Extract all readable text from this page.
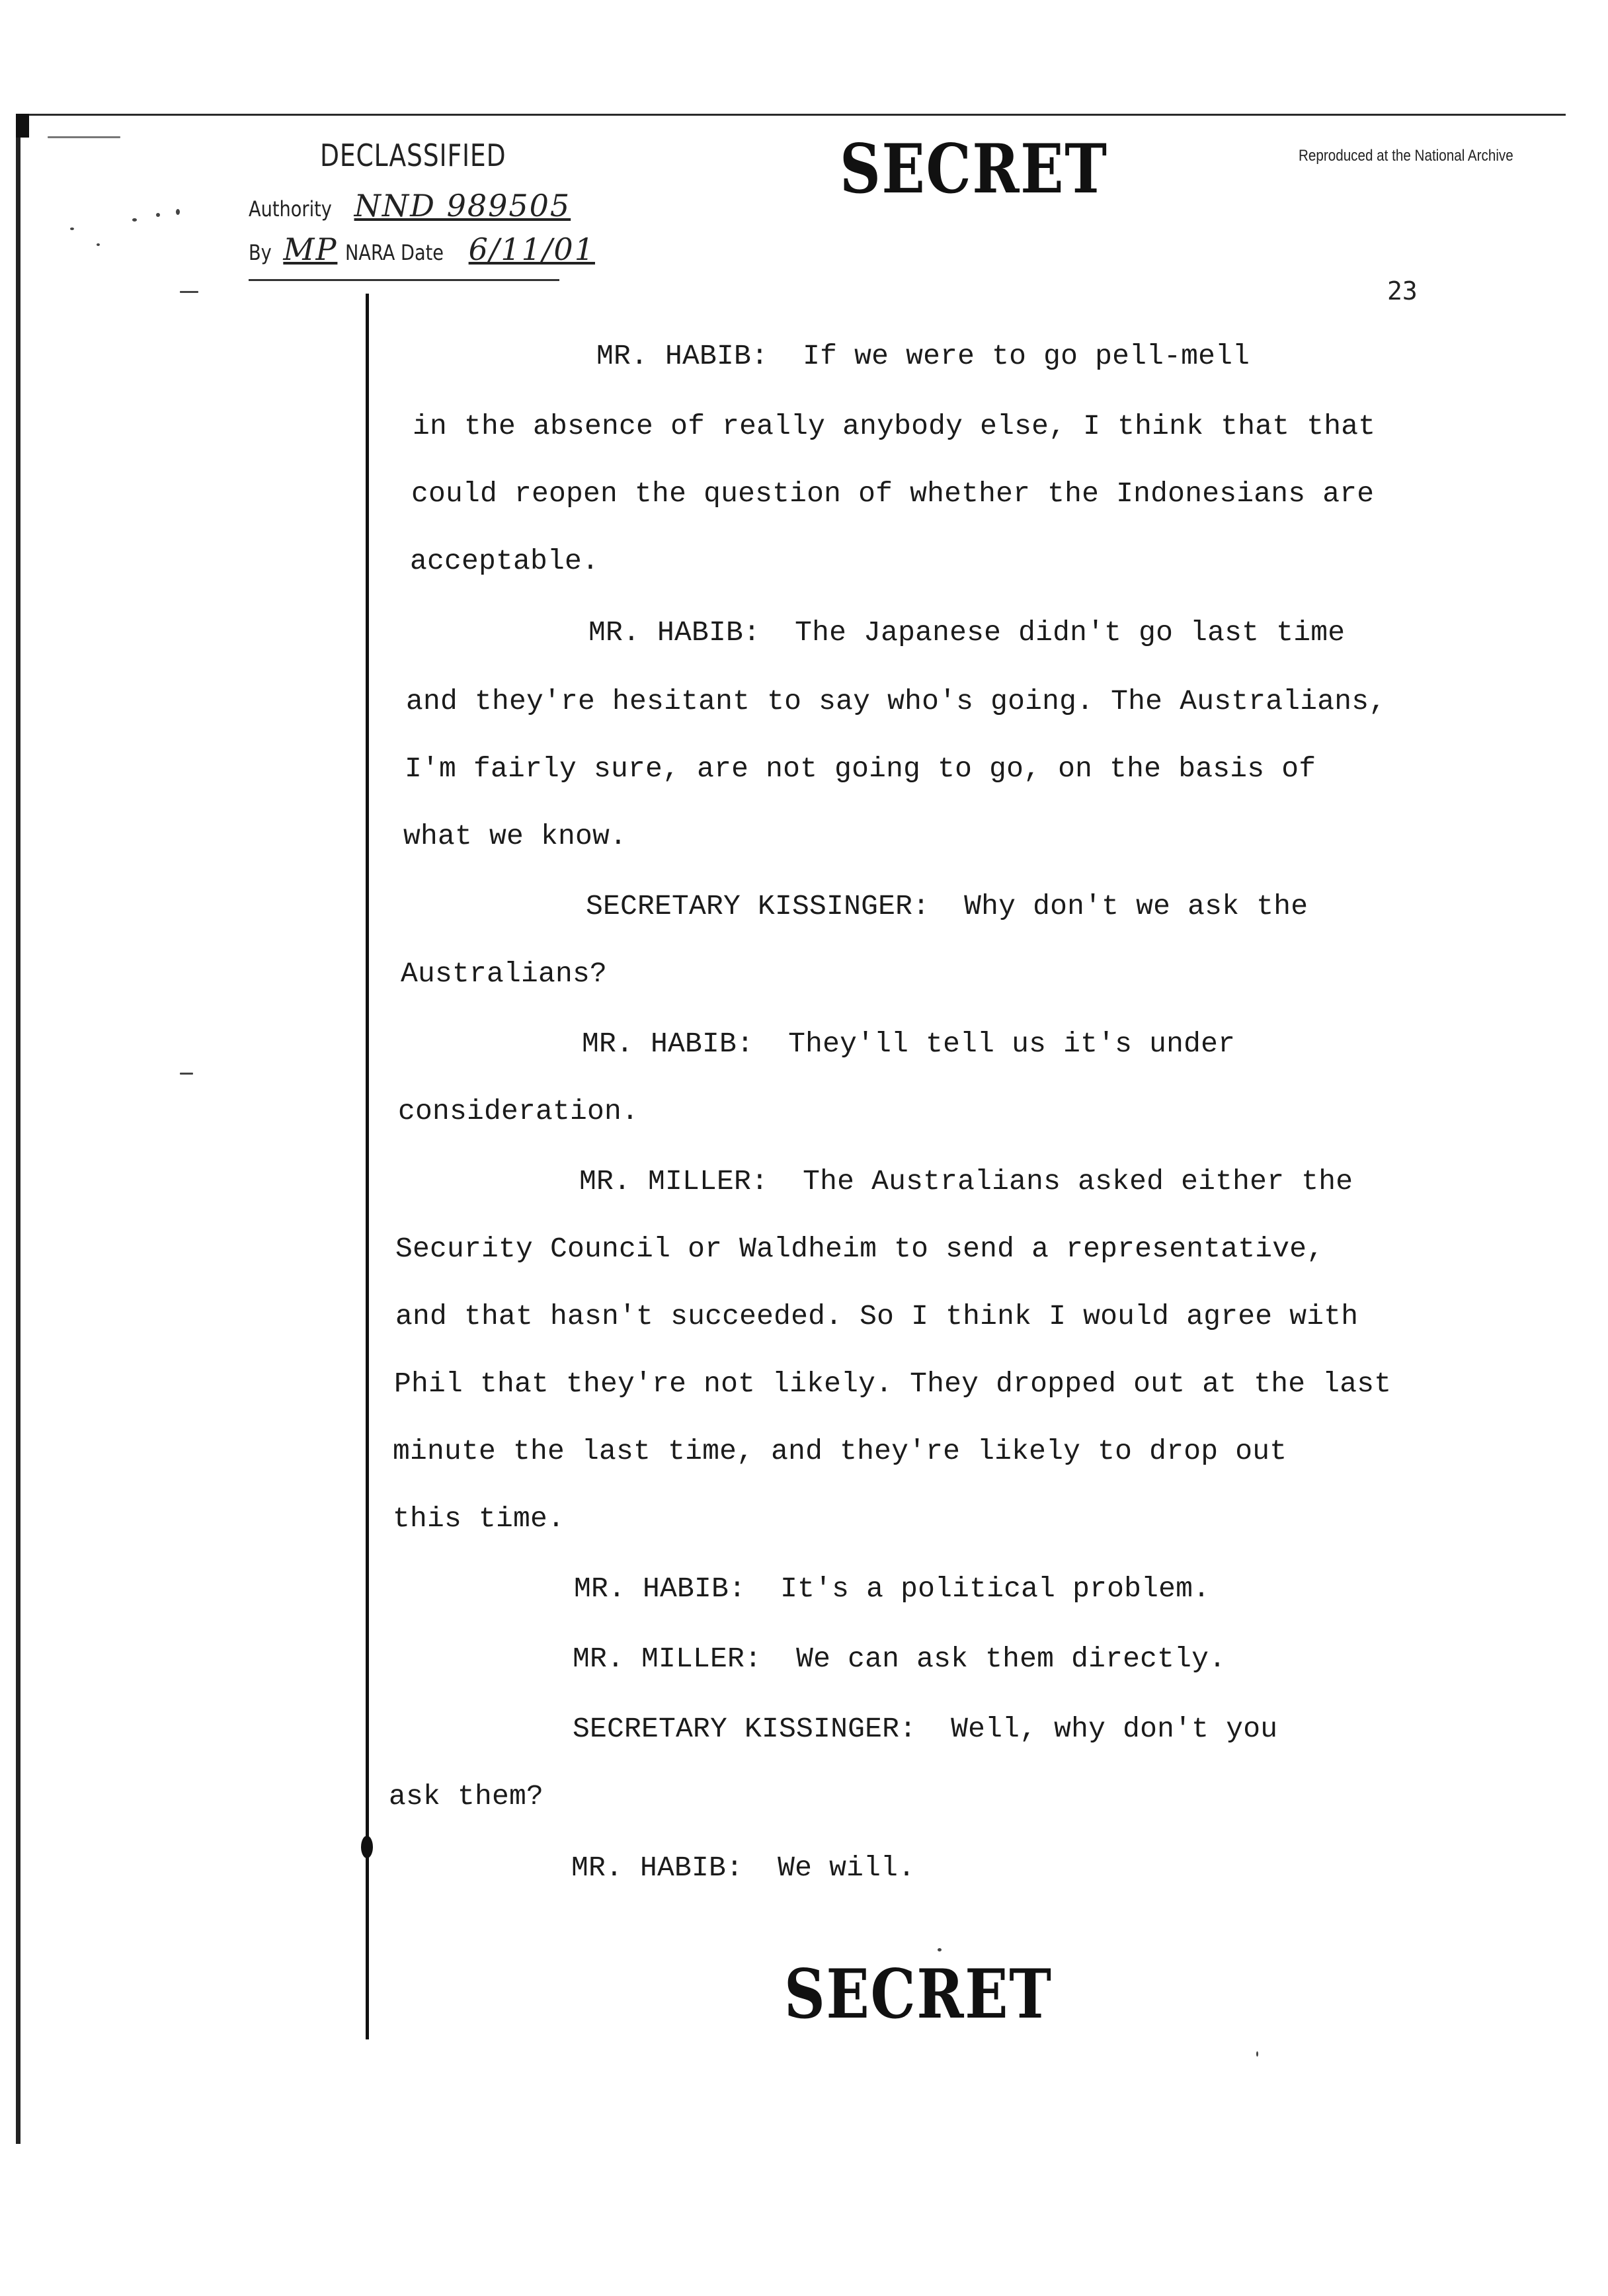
DECLASSIFIED
Authority NND 989505
By MP NARA Date 6/11/01
SECRET	Reproduced at the National Archive
23
MR. HABIB : If we were to go pell-mell
in the absence of really anybody else, I think that that
could reopen the question of whether the Indonesians are
acceptable.
MR. HABIB : The Japanese didn't go last time
and they're hesitant to say who's going. The Australians,
I'm fairly sure, are not going to go, on the basis of
what we know.
SECRETARY KISSINGER : Why don't we ask the
Australians?
MR. HABIB : They'll tell us it's under
consideration.
MR. MILLER : The Australians asked either the
Security Council or Waldheim to send a representative,
and that hasn't succeeded. So I think I would agree with
Phil that they're not likely. They dropped out at the last
minute the last time, and they're likely to drop out
this time.
MR. HABIB : It's a political problem.
MR. MILLER : We can ask them directly.
SECRETARY KISSINGER : Well, why don't you
ask them?
MR. HABIB : We will.
SECRET
